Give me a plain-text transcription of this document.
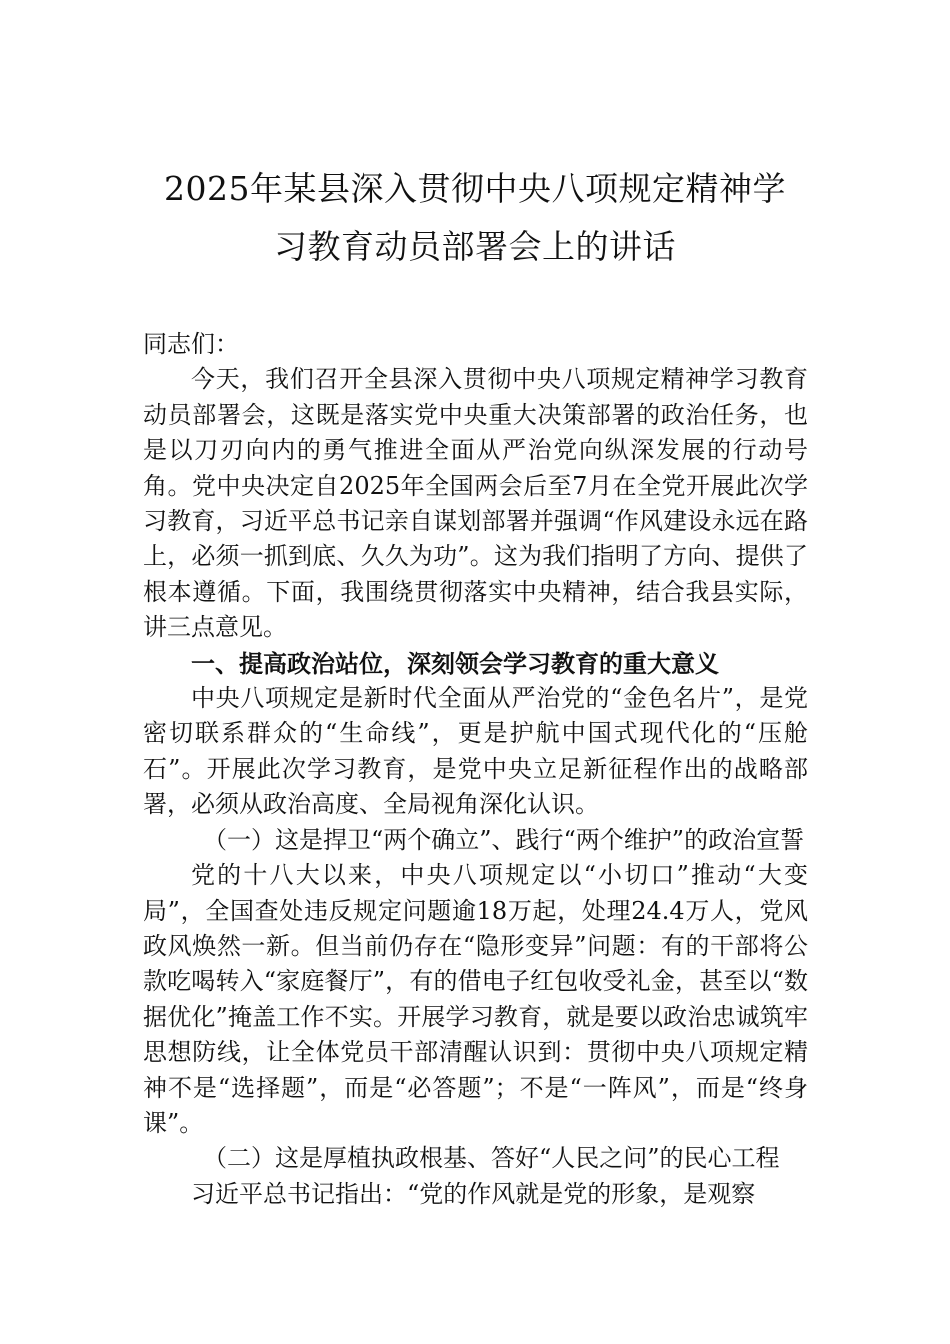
2025年某县深入贯彻中央八项规定精神学
习教育动员部署会上的讲话

同志们：

今天，我们召开全县深入贯彻中央八项规定精神学习教育动员部署会，这既是落实党中央重大决策部署的政治任务，也是以刀刃向内的勇气推进全面从严治党向纵深发展的行动号角。党中央决定自2025年全国两会后至7月在全党开展此次学习教育，习近平总书记亲自谋划部署并强调“作风建设永远在路上，必须一抓到底、久久为功”。这为我们指明了方向、提供了根本遵循。下面，我围绕贯彻落实中央精神，结合我县实际，讲三点意见。

一、提高政治站位，深刻领会学习教育的重大意义

中央八项规定是新时代全面从严治党的“金色名片”，是党密切联系群众的“生命线”，更是护航中国式现代化的“压舱石”。开展此次学习教育，是党中央立足新征程作出的战略部署，必须从政治高度、全局视角深化认识。

（一）这是捍卫“两个确立”、践行“两个维护”的政治宣誓

党的十八大以来，中央八项规定以“小切口”推动“大变局”，全国查处违反规定问题逾18万起，处理24.4万人，党风政风焕然一新。但当前仍存在“隐形变异”问题：有的干部将公款吃喝转入“家庭餐厅”，有的借电子红包收受礼金，甚至以“数据优化”掩盖工作不实。开展学习教育，就是要以政治忠诚筑牢思想防线，让全体党员干部清醒认识到：贯彻中央八项规定精神不是“选择题”，而是“必答题”；不是“一阵风”，而是“终身课”。

（二）这是厚植执政根基、答好“人民之问”的民心工程

习近平总书记指出：“党的作风就是党的形象，是观察
